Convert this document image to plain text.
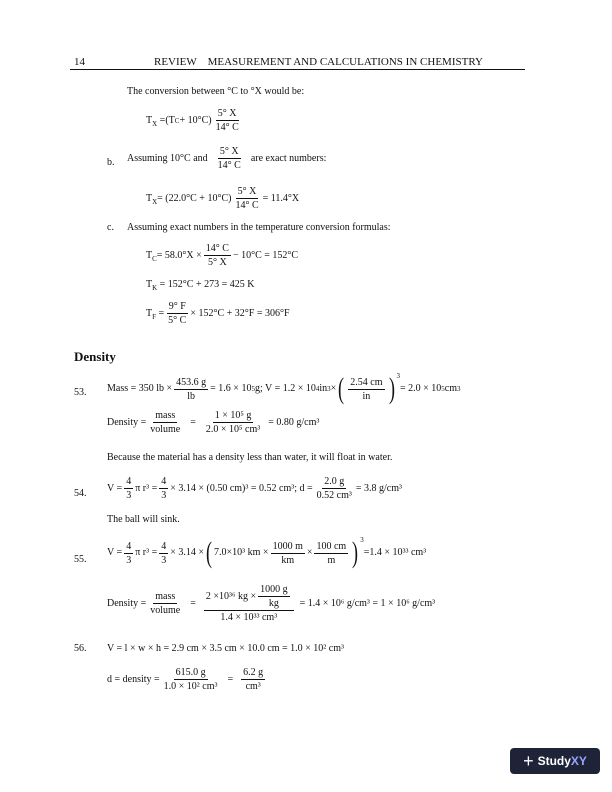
14	REVIEW    MEASUREMENT AND CALCULATIONS IN CHEMISTRY
The conversion between °C to °X would be:
$T_X = (T$ $C + 10^\circ C) \frac{5^\circ X}{14^\circ C}$
b. Assuming 10°C and $\frac{5^\circ X}{14^\circ C}$ are exact numbers:
$T_X = (22.0^\circ C + 10^\circ C) \frac{5^\circ X}{14^\circ C} = 11.4^\circ X$
c. Assuming exact numbers in the temperature conversion formulas:
$T_C = 58.0^\circ X \times \frac{14^\circ C}{5^\circ X} - 10^\circ C = 152^\circ C$
$T_K = 152^\circ C + 273 = 425$ K
$T_F = \frac{9^\circ F}{5^\circ C} \times 152^\circ C + 32^\circ F = 306^\circ F$
Density
53. Mass = 350 lb × $\frac{453.6 g}{lb} = 1.6 \times 10$ 5 g; V = 1.2 × 10 4 in 3 × ( $\frac{2.54 cm}{in}$ ) 3
= 2.0 × 10 5 cm 3
Density = $\frac{\text{mass}}{\text{volume}} = \frac{\text{1 × 10⁵ g}}{\text{2.0 × 10⁵ cm³}} = 0.80$ g/cm³
Because the material has a density less than water, it will float in water.
54. $V = \frac{4}{3}$ π $r^3 = \frac{4}{3} \times 3.14 \times (0.50$ cm)³ = 0.52 cm³; $d = \frac{2.0 g}{\text{0.52 cm³}} = 3.8$ g/cm³
The ball will sink.
55.
$V = \frac{4}{3}$ π $r^3 = \frac{4}{3} \times 3.14$ × ( 7.0×10³ km × $\frac{1000 m}{km} \times \frac{100 cm}{m}$ ) 3
=1.4 × 10³³ cm³
Density = $\frac{\text{mass}}{\text{volume}} = \frac{2 \times 10^{36} kg \times \frac{1000 g}{kg}}{\text{1.4 × 10³³ cm³}} = 1.4 \times 10^6$ g/cm³ = 1 × 10⁶ g/cm³
56. V = l × w × h = 2.9 cm × 3.5 cm × 10.0 cm = 1.0 × 10² cm³
d = density = $\frac{615.0 g}{\text{1.0 × 10² cm³}} = \frac{6.2 g}{\text{cm³}}$
+ Study XY
